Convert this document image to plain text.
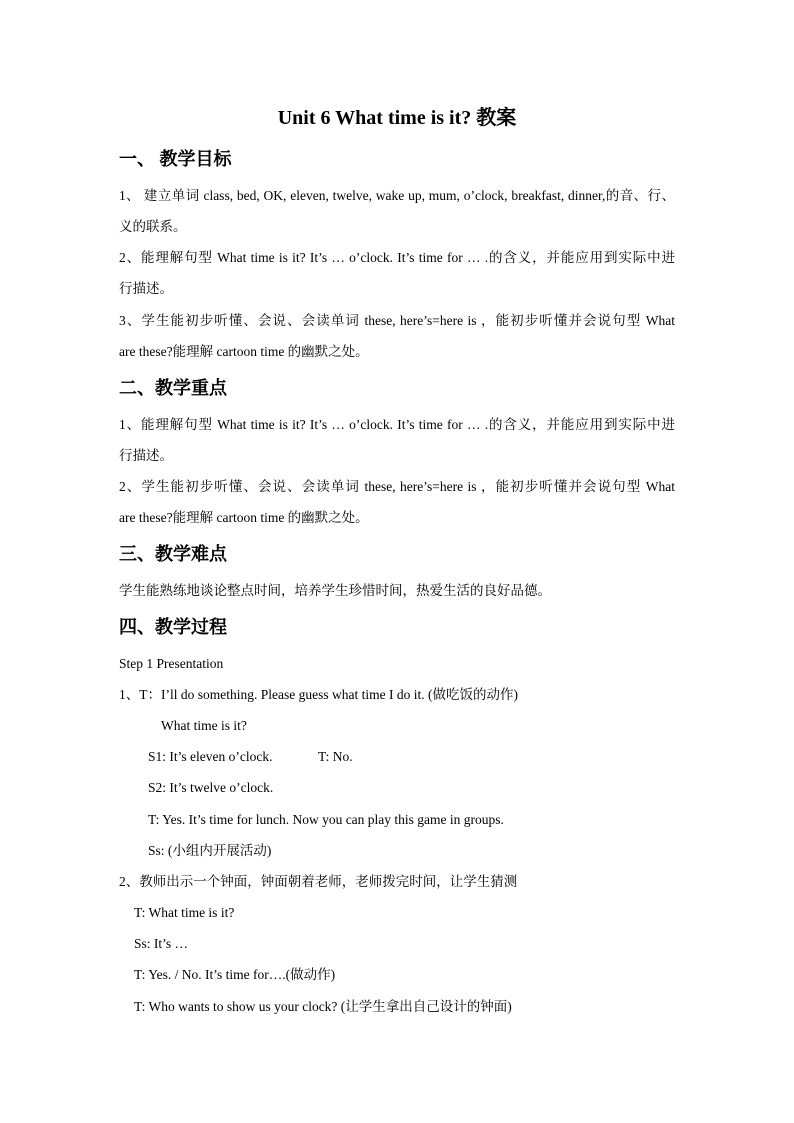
Unit 6 What time is it? 教案
一、 教学目标
1、 建立单词 class, bed, OK, eleven, twelve, wake up, mum, o’clock, breakfast, dinner,的音、行、
义的联系。
2、能理解句型 What time is it? It’s … o’clock. It’s time for … .的含义，并能应用到实际中进
行描述。
3、学生能初步听懂、会说、会读单词 these, here’s=here is ，能初步听懂并会说句型 What
are these?能理解 cartoon time 的幽默之处。
二、教学重点
1、能理解句型 What time is it? It’s … o’clock. It’s time for … .的含义，并能应用到实际中进
行描述。
2、学生能初步听懂、会说、会读单词 these, here’s=here is ，能初步听懂并会说句型 What
are these?能理解 cartoon time 的幽默之处。
三、教学难点
学生能熟练地谈论整点时间，培养学生珍惜时间，热爱生活的良好品德。
四、教学过程
Step 1 Presentation
1、T：I’ll do something. Please guess what time I do it. (做吃饭的动作)
What time is it?
S1: It’s eleven o’clock.	T: No.
S2: It’s twelve o’clock.
T: Yes. It’s time for lunch. Now you can play this game in groups.
Ss: (小组内开展活动)
2、教师出示一个钟面，钟面朝着老师，老师拨完时间，让学生猜测
T: What time is it?
Ss: It’s …
T: Yes. / No. It’s time for….(做动作)
T: Who wants to show us your clock? (让学生拿出自己设计的钟面)
